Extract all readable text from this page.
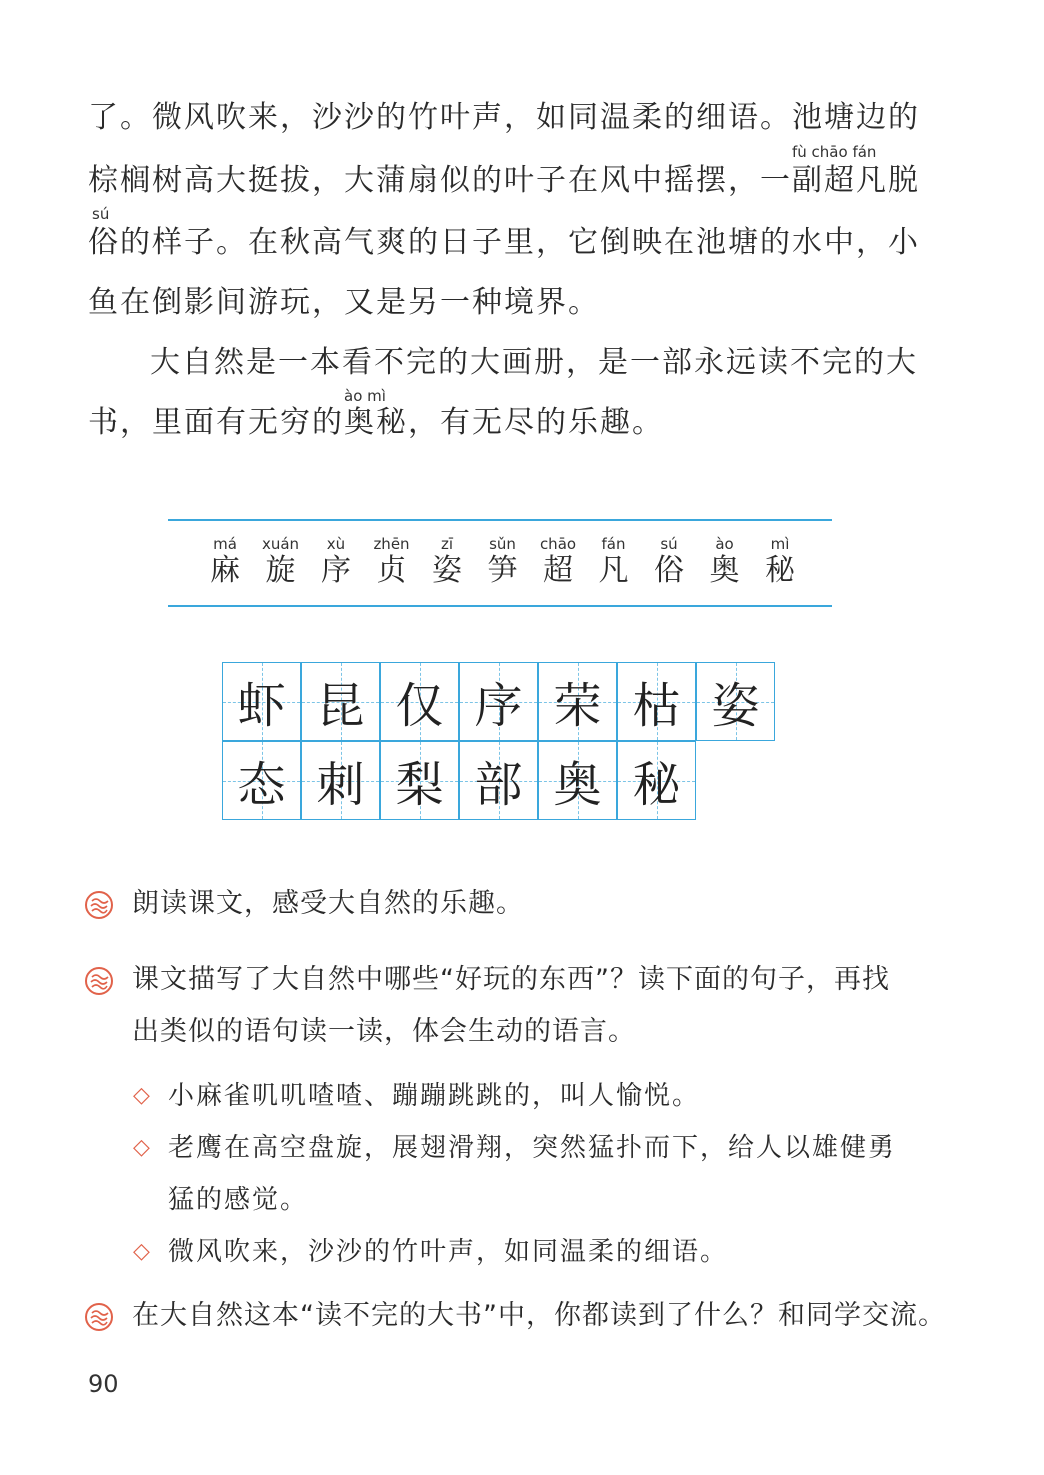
了。微风吹来，沙沙的竹叶声，如同温柔的细语。池塘边的
fù chāo fán
棕榈树高大挺拔，大蒲扇似的叶子在风中摇摆，一副超凡脱
sú
俗的样子。在秋高气爽的日子里，它倒映在池塘的水中，小
鱼在倒影间游玩，又是另一种境界。
大自然是一本看不完的大画册，是一部永远读不完的大
ào mì
书，里面有无穷的奥秘，有无尽的乐趣。
má
麻
xuán
旋
xù
序
zhēn
贞
zī
姿
sǔn
笋
chāo
超
fán
凡
sú
俗
ào
奥
mì
秘
虾 昆 仅 序 荣 枯 姿
态 刺 梨 部 奥 秘
朗读课文，感受大自然的乐趣。
课文描写了大自然中哪些“好玩的东西”？读下面的句子，再找
出类似的语句读一读，体会生动的语言。
◇ 小麻雀叽叽喳喳、蹦蹦跳跳的，叫人愉悦。
◇ 老鹰在高空盘旋，展翅滑翔，突然猛扑而下，给人以雄健勇
猛的感觉。
◇ 微风吹来，沙沙的竹叶声，如同温柔的细语。
在大自然这本“读不完的大书”中，你都读到了什么？和同学交流。
90
